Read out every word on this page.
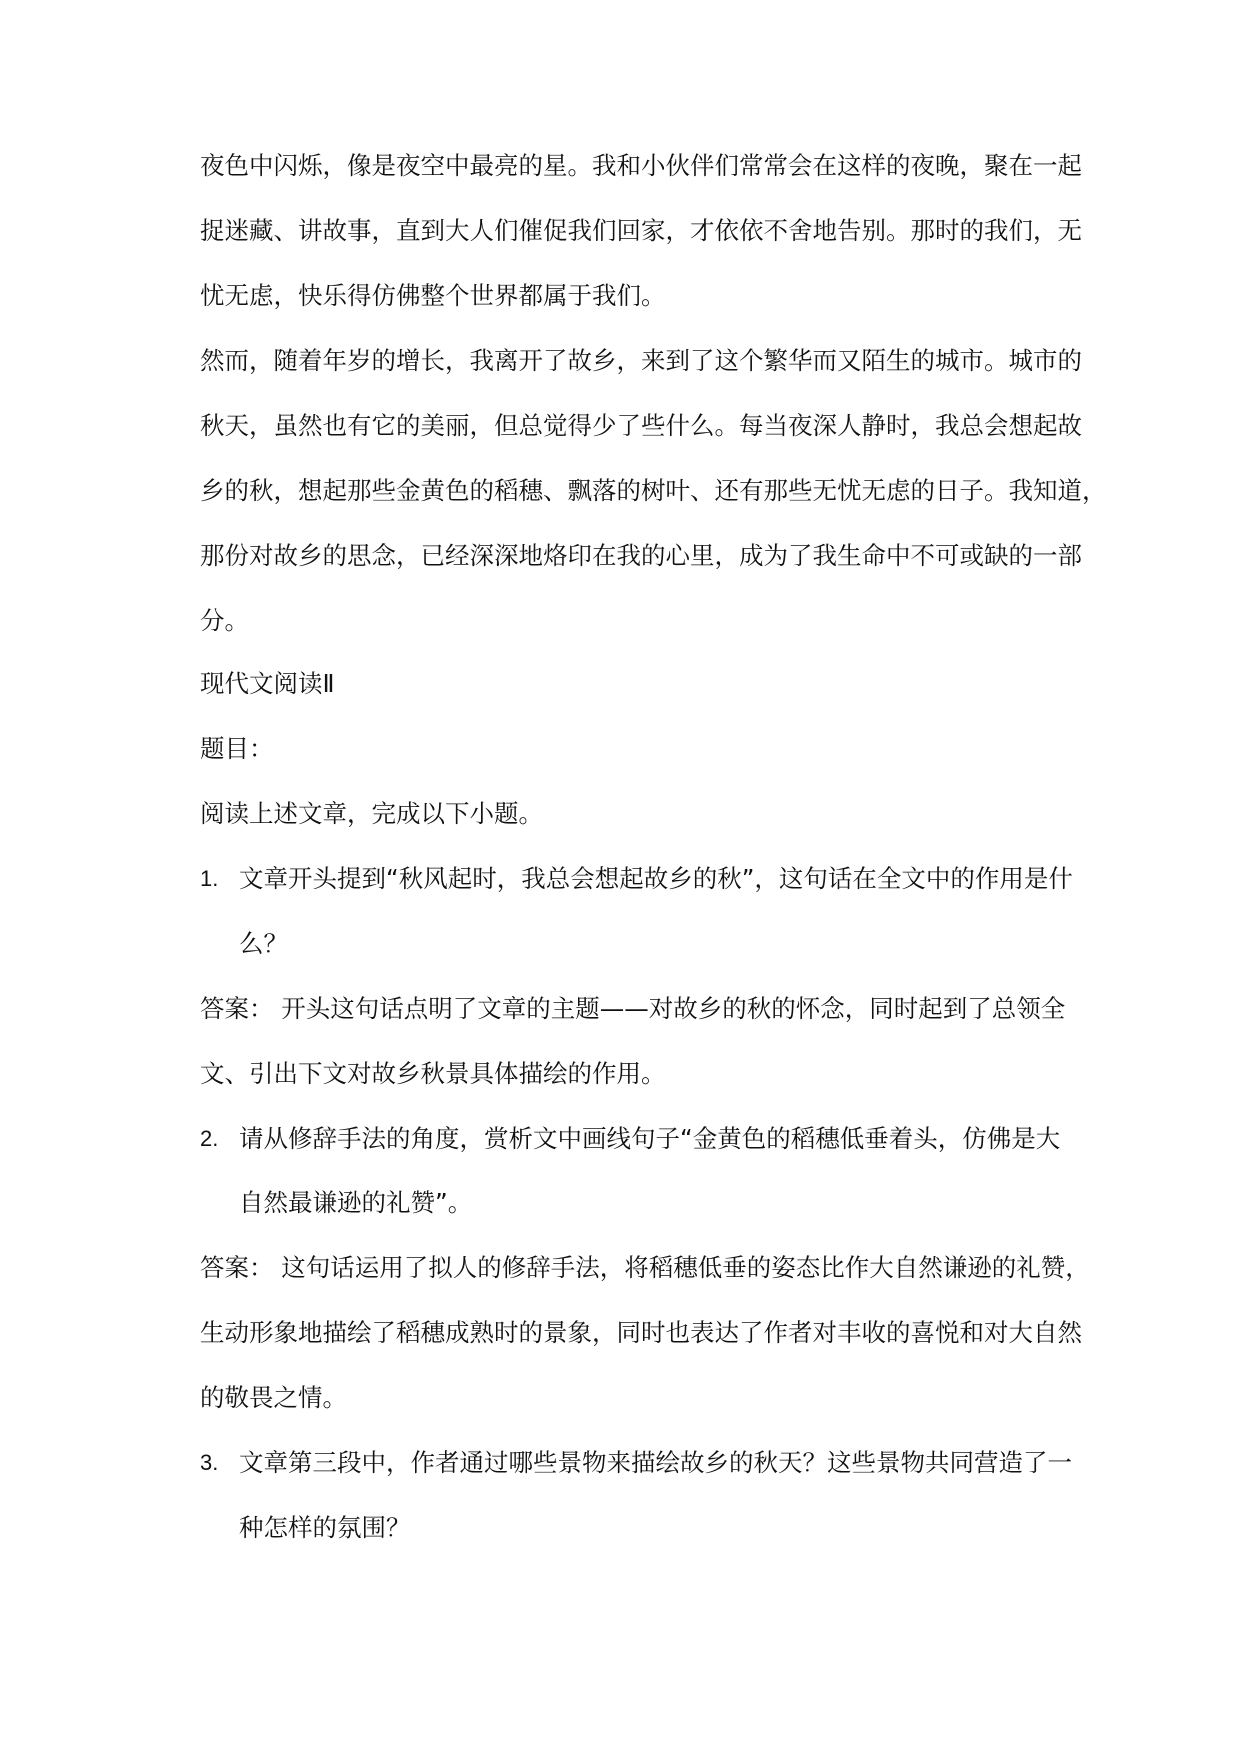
夜色中闪烁，像是夜空中最亮的星。我和小伙伴们常常会在这样的夜晚，聚在一起
捉迷藏、讲故事，直到大人们催促我们回家，才依依不舍地告别。那时的我们，无
忧无虑，快乐得仿佛整个世界都属于我们。
然而，随着年岁的增长，我离开了故乡，来到了这个繁华而又陌生的城市。城市的
秋天，虽然也有它的美丽，但总觉得少了些什么。每当夜深人静时，我总会想起故
乡的秋，想起那些金黄色的稻穗、飘落的树叶、还有那些无忧无虑的日子。我知道，
那份对故乡的思念，已经深深地烙印在我的心里，成为了我生命中不可或缺的一部
分。
现代文阅读Ⅱ
题目：
阅读上述文章，完成以下小题。
1. 文章开头提到“秋风起时，我总会想起故乡的秋”，这句话在全文中的作用是什
么？
答案： 开头这句话点明了文章的主题——对故乡的秋的怀念，同时起到了总领全
文、引出下文对故乡秋景具体描绘的作用。
2. 请从修辞手法的角度，赏析文中画线句子“金黄色的稻穗低垂着头，仿佛是大
自然最谦逊的礼赞”。
答案： 这句话运用了拟人的修辞手法，将稻穗低垂的姿态比作大自然谦逊的礼赞，
生动形象地描绘了稻穗成熟时的景象，同时也表达了作者对丰收的喜悦和对大自然
的敬畏之情。
3. 文章第三段中，作者通过哪些景物来描绘故乡的秋天？这些景物共同营造了一
种怎样的氛围？
